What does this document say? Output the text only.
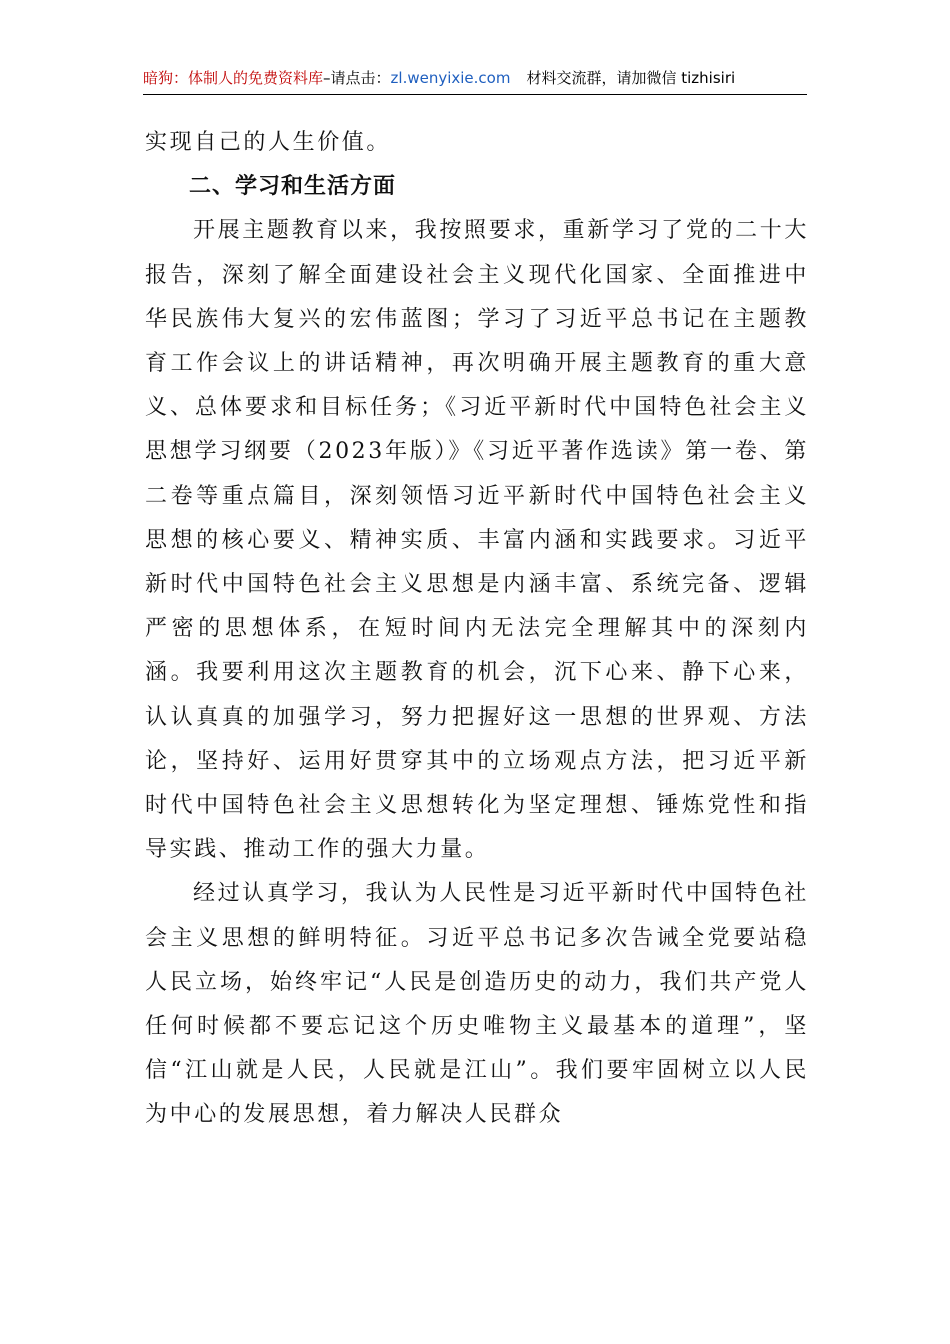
暗狗：体制人的免费资料库–请点击：zl.wenyixie.com 材料交流群，请加微信 tizhisiri

实现自己的人生价值。

二、学习和生活方面

开展主题教育以来，我按照要求，重新学习了党的二十大报告，深刻了解全面建设社会主义现代化国家、全面推进中华民族伟大复兴的宏伟蓝图；学习了习近平总书记在主题教育工作会议上的讲话精神，再次明确开展主题教育的重大意义、总体要求和目标任务；《习近平新时代中国特色社会主义思想学习纲要（2023年版）》《习近平著作选读》第一卷、第二卷等重点篇目，深刻领悟习近平新时代中国特色社会主义思想的核心要义、精神实质、丰富内涵和实践要求。习近平新时代中国特色社会主义思想是内涵丰富、系统完备、逻辑严密的思想体系，在短时间内无法完全理解其中的深刻内涵。我要利用这次主题教育的机会，沉下心来、静下心来，认认真真的加强学习，努力把握好这一思想的世界观、方法论，坚持好、运用好贯穿其中的立场观点方法，把习近平新时代中国特色社会主义思想转化为坚定理想、锤炼党性和指导实践、推动工作的强大力量。

经过认真学习，我认为人民性是习近平新时代中国特色社会主义思想的鲜明特征。习近平总书记多次告诫全党要站稳人民立场，始终牢记“人民是创造历史的动力，我们共产党人任何时候都不要忘记这个历史唯物主义最基本的道理”，坚信“江山就是人民，人民就是江山”。我们要牢固树立以人民为中心的发展思想，着力解决人民群众
